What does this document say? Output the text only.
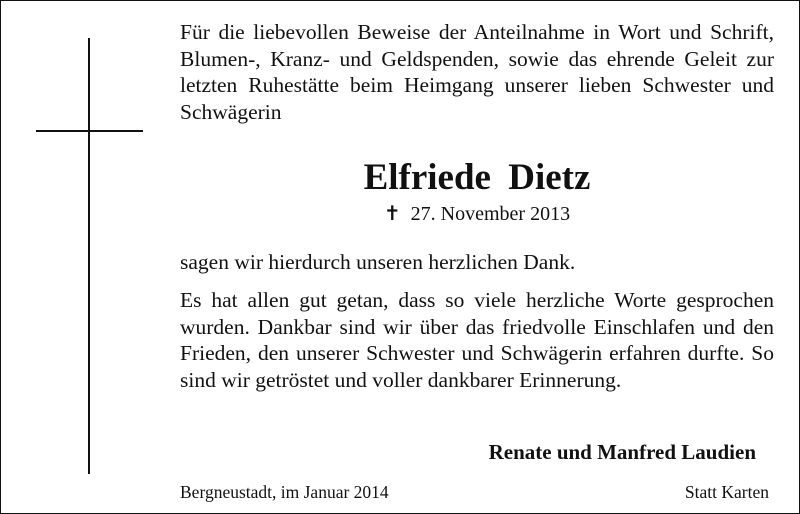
Für die liebevollen Beweise der Anteilnahme in Wort und Schrift, Blumen-, Kranz- und Geldspenden, sowie das ehrende Geleit zur letzten Ruhestätte beim Heimgang unserer lieben Schwester und Schwägerin
Elfriede Dietz
✝ 27. November 2013
sagen wir hierdurch unseren herzlichen Dank.
Es hat allen gut getan, dass so viele herzliche Worte gesprochen wurden. Dankbar sind wir über das friedvolle Einschlafen und den Frieden, den unserer Schwester und Schwägerin erfahren durfte. So sind wir getröstet und voller dankbarer Erinnerung.
Renate und Manfred Laudien
Bergneustadt, im Januar 2014	Statt Karten
